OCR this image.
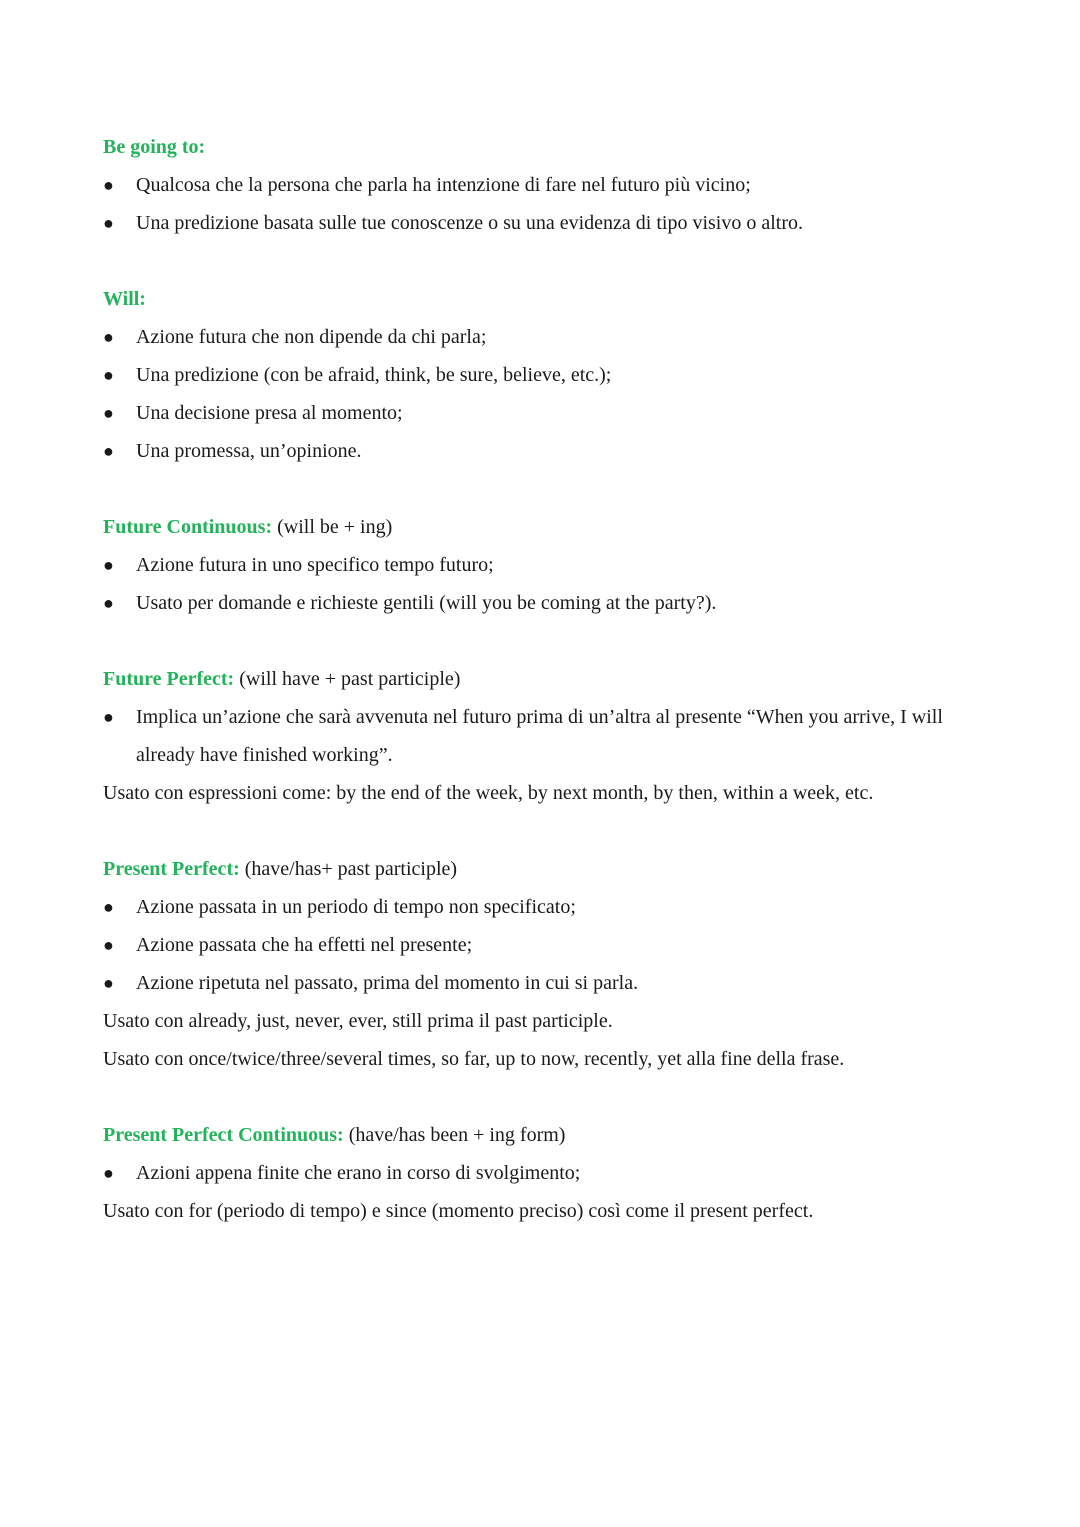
Be going to:
● Qualcosa che la persona che parla ha intenzione di fare nel futuro più vicino;
● Una predizione basata sulle tue conoscenze o su una evidenza di tipo visivo o altro.
Will:
● Azione futura che non dipende da chi parla;
● Una predizione (con be afraid, think, be sure, believe, etc.);
● Una decisione presa al momento;
● Una promessa, un’opinione.
Future Continuous: (will be + ing)
● Azione futura in uno specifico tempo futuro;
● Usato per domande e richieste gentili (will you be coming at the party?).
Future Perfect: (will have + past participle)
● Implica un’azione che sarà avvenuta nel futuro prima di un’altra al presente “When you arrive, I will already have finished working”.

Usato con espressioni come: by the end of the week, by next month, by then, within a week, etc.

Present Perfect: (have/has+ past participle)
● Azione passata in un periodo di tempo non specificato;
● Azione passata che ha effetti nel presente;
● Azione ripetuta nel passato, prima del momento in cui si parla.

Usato con already, just, never, ever, still prima il past participle.

Usato con once/twice/three/several times, so far, up to now, recently, yet alla fine della frase.

Present Perfect Continuous: (have/has been + ing form)
● Azioni appena finite che erano in corso di svolgimento;

Usato con for (periodo di tempo) e since (momento preciso) così come il present perfect.
